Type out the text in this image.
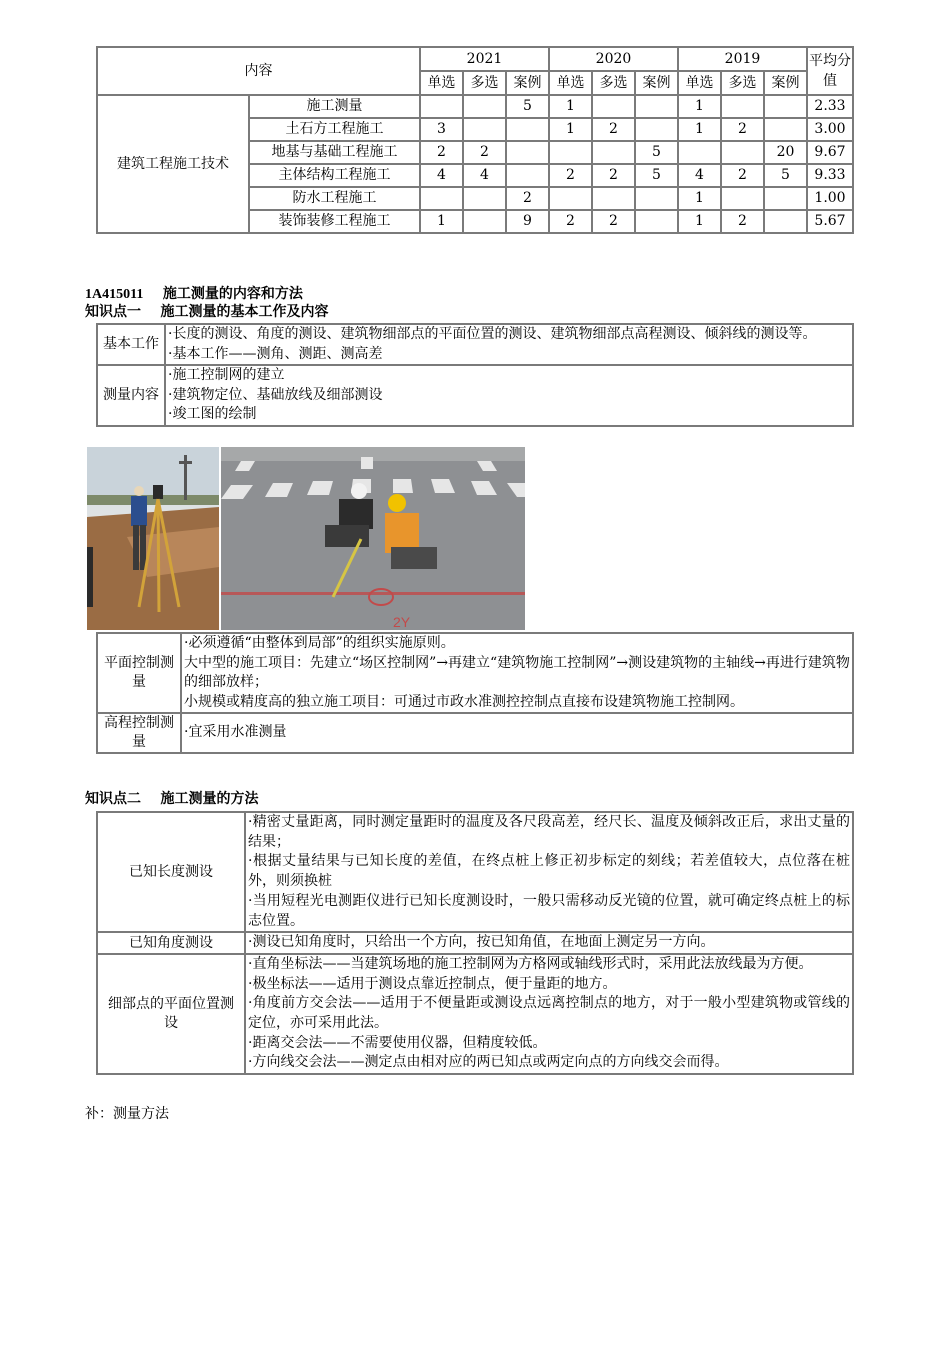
内容		2021			2020			2019			平均分值
		单选	多选	案例	单选	多选	案例	单选	多选	案例	
建筑工程施工技术	施工测量			5	1			1			2.33
	土石方工程施工	3			1	2		1	2		3.00
	地基与基础工程施工	2	2				5			20	9.67
	主体结构工程施工	4	4		2	2	5	4	2	5	9.33
	防水工程施工			2				1			1.00
	装饰装修工程施工	1		9	2	2		1	2		5.67
1A415011 施工测量的内容和方法
知识点一 施工测量的基本工作及内容
基本工作	·长度的测设、角度的测设、建筑物细部点的平面位置的测设、建筑物细部点高程测设、倾斜线的测设等。
·基本工作——测角、测距、测高差

测量内容	·施工控制网的建立
·建筑物定位、基础放线及细部测设
·竣工图的绘制
2Y
平面控制测量	·必须遵循“由整体到局部”的组织实施原则。
大中型的施工项目：先建立“场区控制网”→再建立“建筑物施工控制网”→测设建筑物的主轴线→再进行建筑物的细部放样；
小规模或精度高的独立施工项目：可通过市政水准测控控制点直接布设建筑物施工控制网。

高程控制测量	·宜采用水准测量
知识点二 施工测量的方法
已知长度测设	·精密丈量距离，同时测定量距时的温度及各尺段高差，经尺长、温度及倾斜改正后，求出丈量的结果；
·根据丈量结果与已知长度的差值，在终点桩上修正初步标定的刻线；若差值较大，点位落在桩外，则须换桩
·当用短程光电测距仪进行已知长度测设时，一般只需移动反光镜的位置，就可确定终点桩上的标志位置。

已知角度测设	·测设已知角度时，只给出一个方向，按已知角值，在地面上测定另一方向。

细部点的平面位置测设	·直角坐标法——当建筑场地的施工控制网为方格网或轴线形式时，采用此法放线最为方便。
·极坐标法——适用于测设点靠近控制点，便于量距的地方。
·角度前方交会法——适用于不便量距或测设点远离控制点的地方，对于一般小型建筑物或管线的定位，亦可采用此法。
·距离交会法——不需要使用仪器，但精度较低。
·方向线交会法——测定点由相对应的两已知点或两定向点的方向线交会而得。
补：测量方法
